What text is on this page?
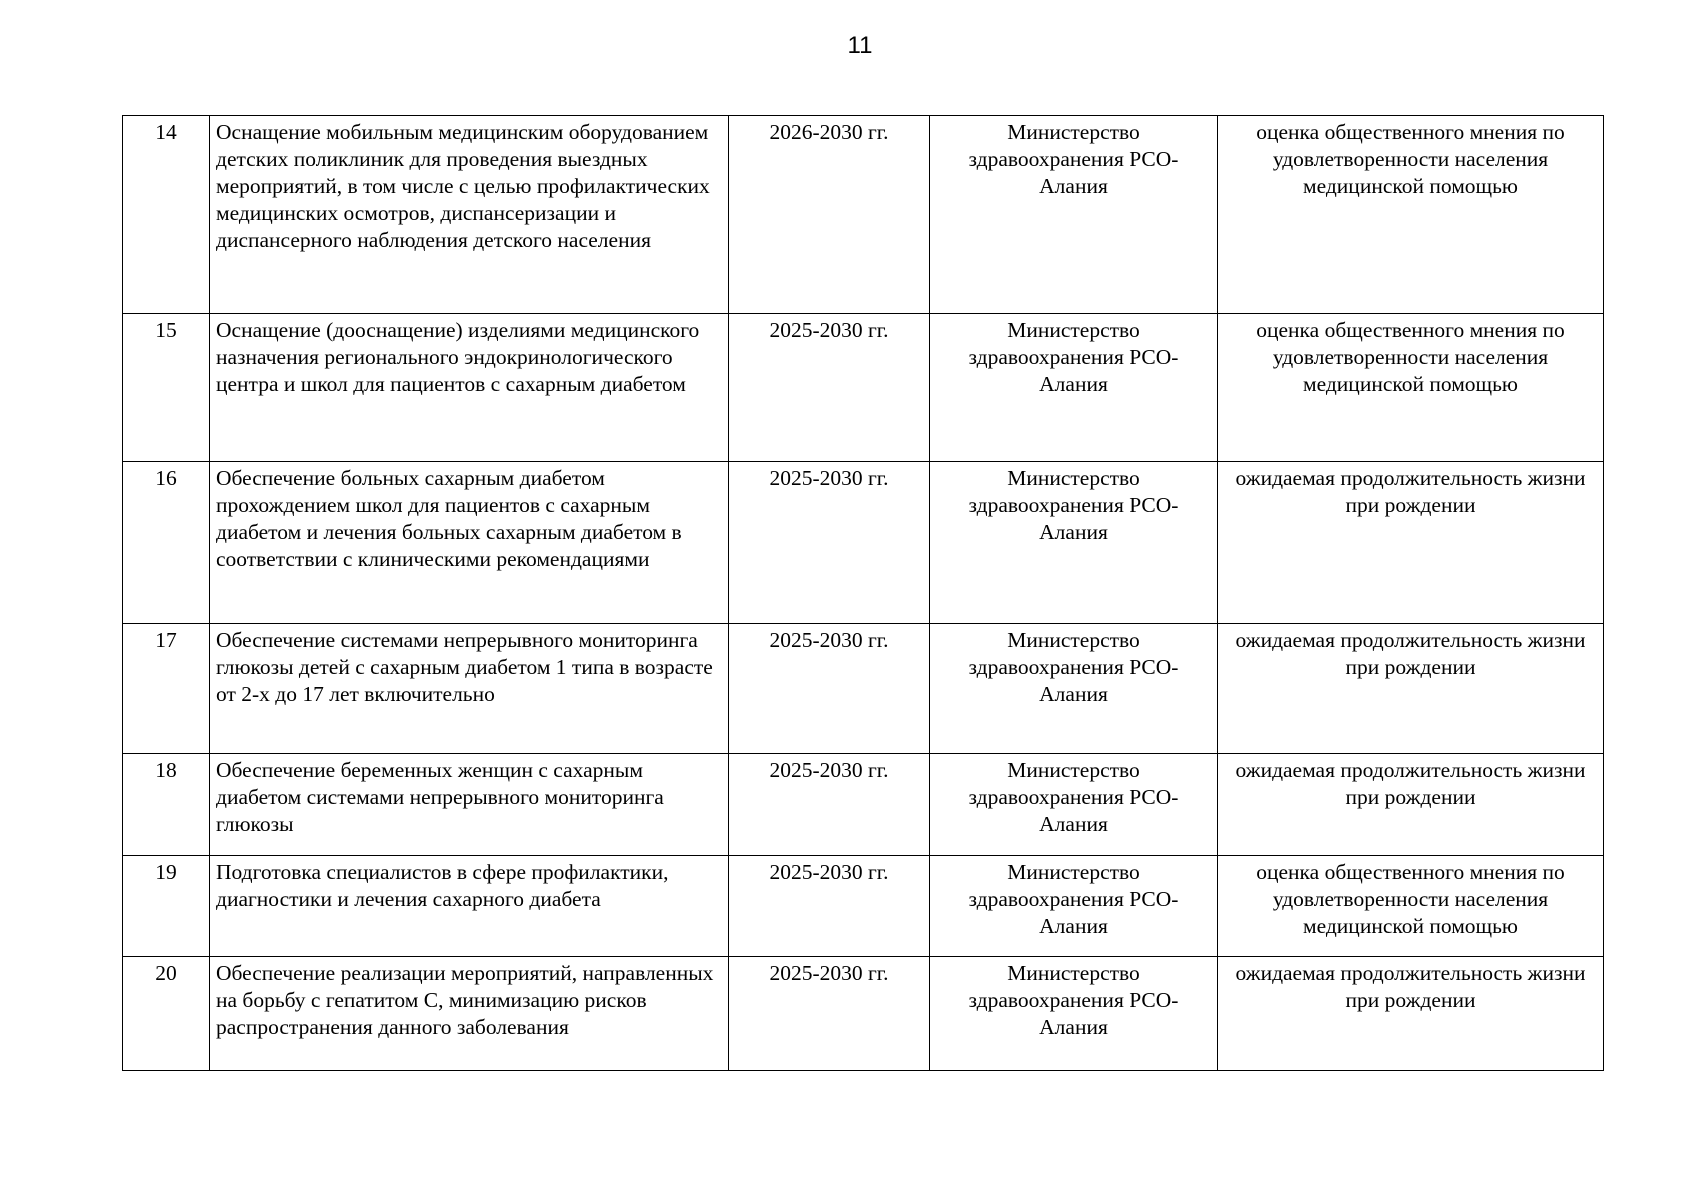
11
14	Оснащение мобильным медицинским оборудованием детских поликлиник для проведения выездных мероприятий, в том числе с целью профилактических медицинских осмотров, диспансеризации и диспансерного наблюдения детского населения	2026-2030 гг.	Министерство здравоохранения РСО-Алания	оценка общественного мнения по удовлетворенности населения медицинской помощью
15	Оснащение (дооснащение) изделиями медицинского назначения регионального эндокринологического центра и школ для пациентов с сахарным диабетом	2025-2030 гг.	Министерство здравоохранения РСО-Алания	оценка общественного мнения по удовлетворенности населения медицинской помощью
16	Обеспечение больных сахарным диабетом прохождением школ для пациентов с сахарным диабетом и лечения больных сахарным диабетом в соответствии с клиническими рекомендациями	2025-2030 гг.	Министерство здравоохранения РСО-Алания	ожидаемая продолжительность жизни при рождении
17	Обеспечение системами непрерывного мониторинга глюкозы детей с сахарным диабетом 1 типа в возрасте от 2-х до 17 лет включительно	2025-2030 гг.	Министерство здравоохранения РСО-Алания	ожидаемая продолжительность жизни при рождении
18	Обеспечение беременных женщин с сахарным диабетом системами непрерывного мониторинга глюкозы	2025-2030 гг.	Министерство здравоохранения РСО-Алания	ожидаемая продолжительность жизни при рождении
19	Подготовка специалистов в сфере профилактики, диагностики и лечения сахарного диабета	2025-2030 гг.	Министерство здравоохранения РСО-Алания	оценка общественного мнения по удовлетворенности населения медицинской помощью
20	Обеспечение реализации мероприятий, направленных на борьбу с гепатитом С, минимизацию рисков распространения данного заболевания	2025-2030 гг.	Министерство здравоохранения РСО-Алания	ожидаемая продолжительность жизни при рождении
